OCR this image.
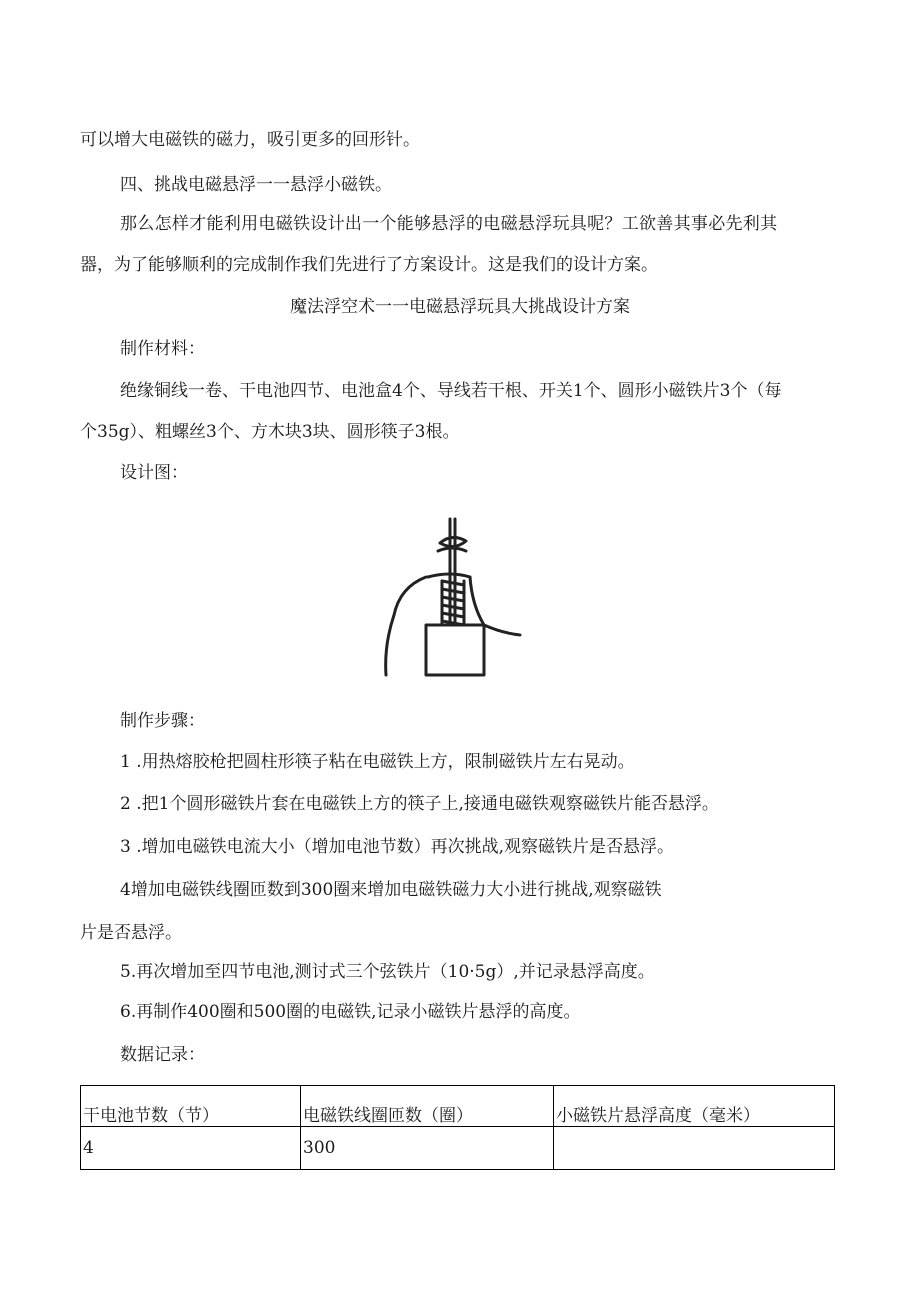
可以增大电磁铁的磁力，吸引更多的回形针。
四、挑战电磁悬浮一一悬浮小磁铁。
那么怎样才能利用电磁铁设计出一个能够悬浮的电磁悬浮玩具呢？工欲善其事必先利其
器，为了能够顺利的完成制作我们先进行了方案设计。这是我们的设计方案。
魔法浮空术一一电磁悬浮玩具大挑战设计方案
制作材料：
绝缘铜线一卷、干电池四节、电池盒4个、导线若干根、开关1个、圆形小磁铁片3个（每
个35g）、粗螺丝3个、方木块3块、圆形筷子3根。
设计图：
制作步骤：
1 .用热熔胶枪把圆柱形筷子粘在电磁铁上方，限制磁铁片左右晃动。
2 .把1个圆形磁铁片套在电磁铁上方的筷子上,接通电磁铁观察磁铁片能否悬浮。
3 .增加电磁铁电流大小（增加电池节数）再次挑战,观察磁铁片是否悬浮。
4增加电磁铁线圈匝数到300圈来增加电磁铁磁力大小进行挑战,观察磁铁
片是否悬浮。
5.再次增加至四节电池,测讨式三个弦铁片（10·5g）,并记录悬浮高度。
6.再制作400圈和500圈的电磁铁,记录小磁铁片悬浮的高度。
数据记录：
干电池节数（节）	电磁铁线圈匝数（圈）	小磁铁片悬浮高度（毫米）
4	300	
